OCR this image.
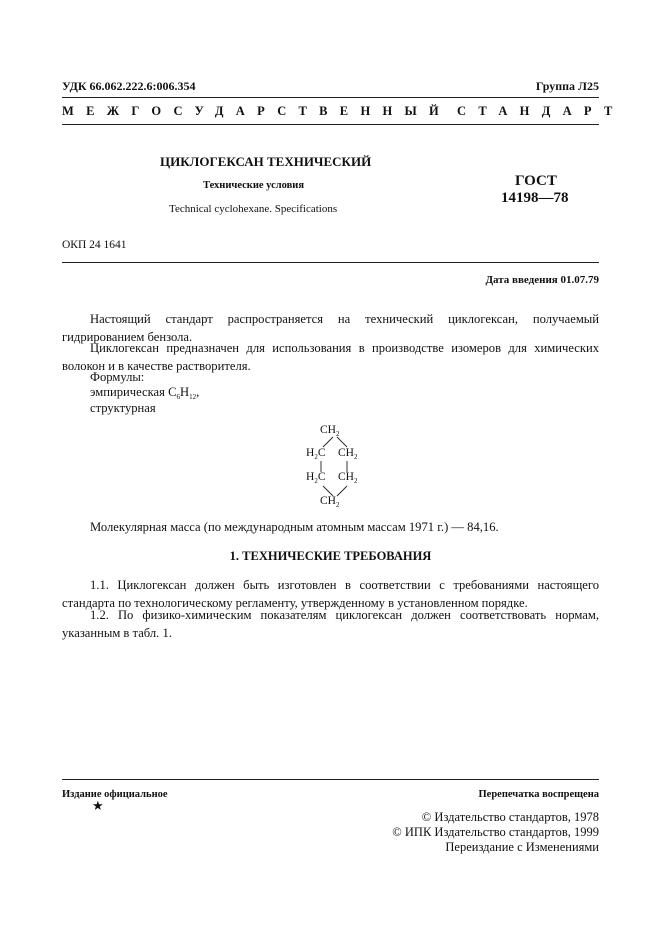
УДК 66.062.222.6:006.354	Группа Л25
МЕЖГОСУДАРСТВЕННЫЙ СТАНДАРТ
ЦИКЛОГЕКСАН ТЕХНИЧЕСКИЙ
Технические условия
Technical cyclohexane. Specifications
ГОСТ
14198—78
ОКП 24 1641
Дата введения 01.07.79
Настоящий стандарт распространяется на технический циклогексан, получаемый гидрированием бензола.
Циклогексан предназначен для использования в производстве изомеров для химических волокон и в качестве растворителя.
Формулы:
эмпирическая $C_6H_{12}$,
структурная
$CH_2$
$H_2C$ $CH_2$
$H_2C$ $CH_2$
$CH_2$
Молекулярная масса (по международным атомным массам 1971 г.) — 84,16.
1. ТЕХНИЧЕСКИЕ ТРЕБОВАНИЯ
1.1. Циклогексан должен быть изготовлен в соответствии с требованиями настоящего стандарта по технологическому регламенту, утвержденному в установленном порядке.
1.2. По физико-химическим показателям циклогексан должен соответствовать нормам, указанным в табл. 1.
Издание официальное
★
Перепечатка воспрещена
© Издательство стандартов, 1978
© ИПК Издательство стандартов, 1999
Переиздание с Изменениями
